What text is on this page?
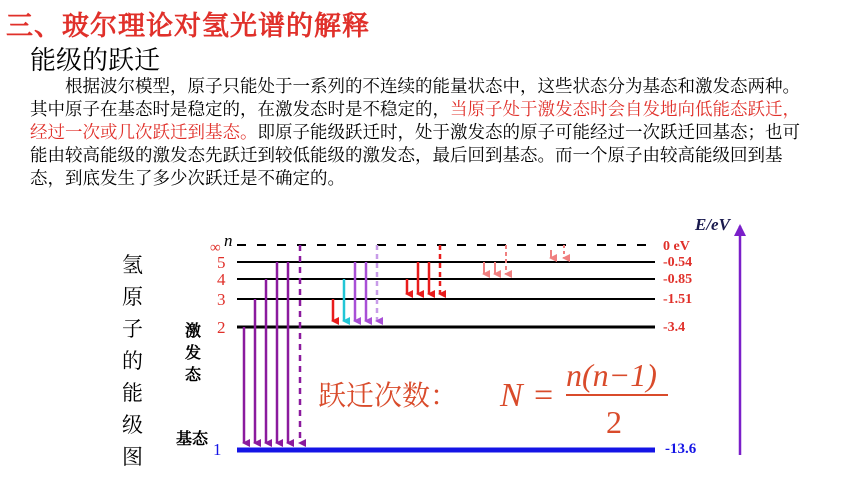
三、玻尔理论对氢光谱的解释
能级的跃迁

根据波尔模型，原子只能处于一系列的不连续的能量状态中，这些状态分为基态和激发态两种。其中原子在基态时是稳定的，在激发态时是不稳定的，当原子处于激发态时会自发地向低能态跃迁，经过一次或几次跃迁到基态。即原子能级跃迁时，处于激发态的原子可能经过一次跃迁回基态；也可能由较高能级的激发态先跃迁到较低能级的激发态，最后回到基态。而一个原子由较高能级回到基态，到底发生了多少次跃迁是不确定的。

氢原子的能级图
E/eV
n
∞
5
4
3
2
1
0 eV
-0.54
-0.85
-1.51
-3.4
-13.6
激发态
基态
跃迁次数： N =
n(n−1)
2
